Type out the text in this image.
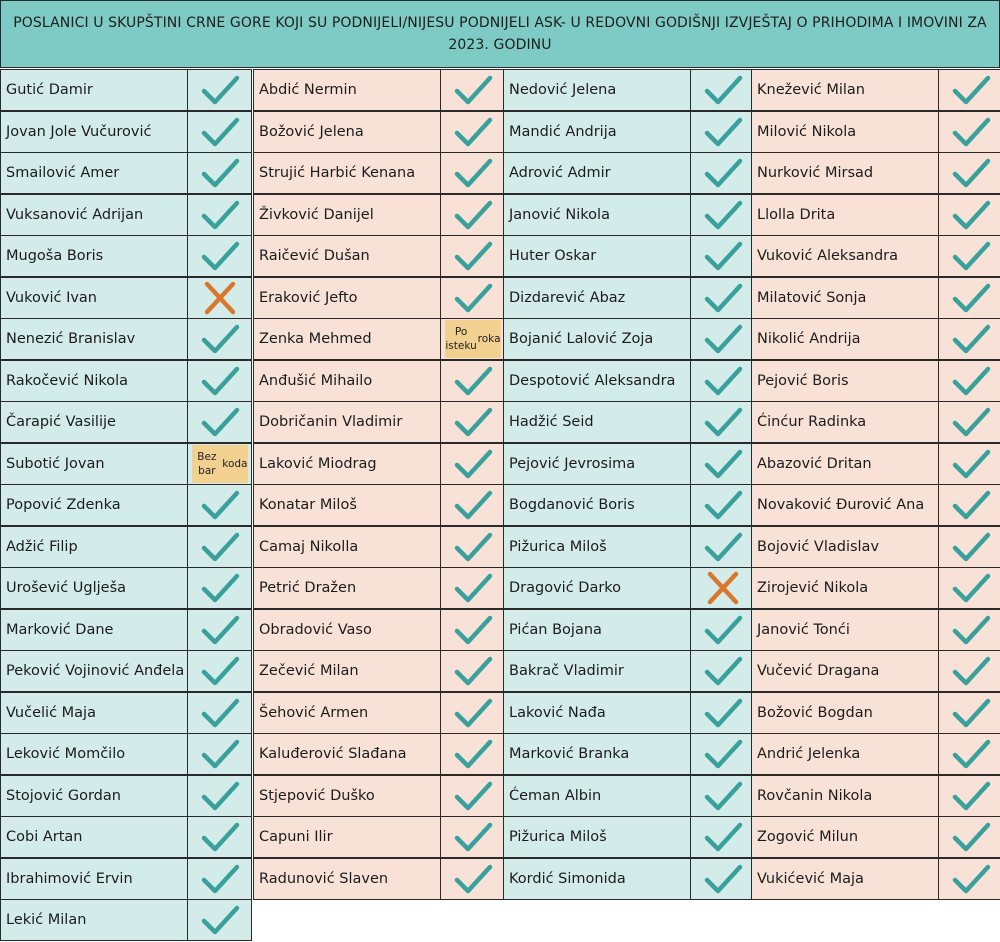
POSLANICI U SKUPŠTINI CRNE GORE KOJI SU PODNIJELI/NIJESU PODNIJELI ASK- U REDOVNI GODIŠNJI IZVJEŠTAJ O PRIHODIMA I IMOVINI ZA 2023. GODINU
Gutić Damir
Jovan Jole Vučurović
Smailović Amer
Vuksanović Adrijan
Mugoša Boris
Vuković Ivan
Nenezić Branislav
Rakočević Nikola
Čarapić Vasilije
Subotić Jovan	Bez bar

koda
Popović Zdenka
Adžić Filip
Urošević Uglješa
Marković Dane
Peković Vojinović Anđela
Vučelić Maja
Leković Momčilo
Stojović Gordan
Cobi Artan
Ibrahimović Ervin
Lekić Milan
Abdić Nermin
Božović Jelena
Strujić Harbić Kenana
Živković Danijel
Raičević Dušan
Eraković Jefto
Zenka Mehmed	Po isteku

roka
Anđušić Mihailo
Dobričanin Vladimir
Laković Miodrag
Konatar Miloš
Camaj Nikolla
Petrić Dražen
Obradović Vaso
Zečević Milan
Šehović Armen
Kaluđerović Slađana
Stjepović Duško
Capuni Ilir
Radunović Slaven
Nedović Jelena
Mandić Andrija
Adrović Admir
Janović Nikola
Huter Oskar
Dizdarević Abaz
Bojanić Lalović Zoja
Despotović Aleksandra
Hadžić Seid
Pejović Jevrosima
Bogdanović Boris
Pižurica Miloš
Dragović Darko
Pićan Bojana
Bakrač Vladimir
Laković Nađa
Marković Branka
Ćeman Albin
Pižurica Miloš
Kordić Simonida
Knežević Milan
Milović Nikola
Nurković Mirsad
Llolla Drita
Vuković Aleksandra
Milatović Sonja
Nikolić Andrija
Pejović Boris
Ćinćur Radinka
Abazović Dritan
Novaković Đurović Ana
Bojović Vladislav
Zirojević Nikola
Janović Tonći
Vučević Dragana
Božović Bogdan
Andrić Jelenka
Rovčanin Nikola
Zogović Milun
Vukićević Maja
